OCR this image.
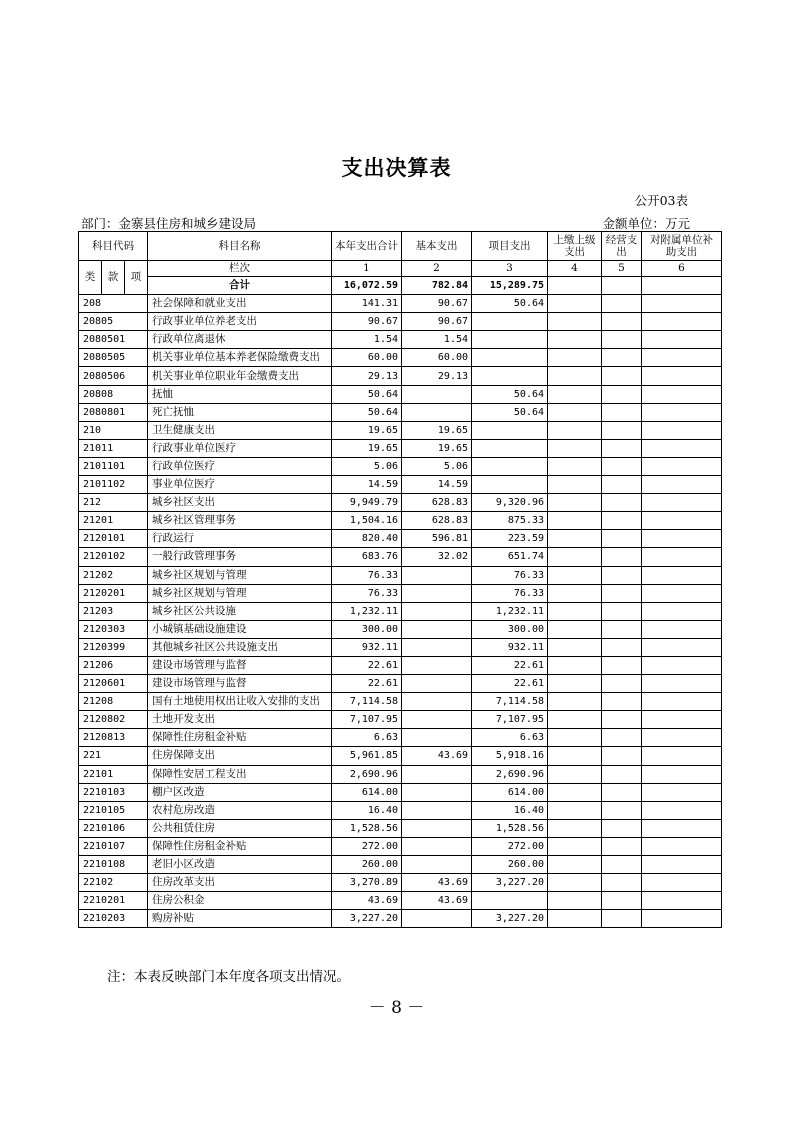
支出决算表
公开03表
部门：金寨县住房和城乡建设局	金额单位：万元
科目代码			科目名称	本年支出合计	基本支出	项目支出	上缴上级支出	经营支出	对附属单位补助支出
类	款	项	栏次	1	2	3	4	5	6
			合计	16,072.59	782.84	15,289.75			
208			社会保障和就业支出	141.31	90.67	50.64			
20805			行政事业单位养老支出	90.67	90.67				
2080501			行政单位离退休	1.54	1.54				
2080505			机关事业单位基本养老保险缴费支出	60.00	60.00				
2080506			机关事业单位职业年金缴费支出	29.13	29.13				
20808			抚恤	50.64		50.64			
2080801			死亡抚恤	50.64		50.64			
210			卫生健康支出	19.65	19.65				
21011			行政事业单位医疗	19.65	19.65				
2101101			行政单位医疗	5.06	5.06				
2101102			事业单位医疗	14.59	14.59				
212			城乡社区支出	9,949.79	628.83	9,320.96			
21201			城乡社区管理事务	1,504.16	628.83	875.33			
2120101			行政运行	820.40	596.81	223.59			
2120102			一般行政管理事务	683.76	32.02	651.74			
21202			城乡社区规划与管理	76.33		76.33			
2120201			城乡社区规划与管理	76.33		76.33			
21203			城乡社区公共设施	1,232.11		1,232.11			
2120303			小城镇基础设施建设	300.00		300.00			
2120399			其他城乡社区公共设施支出	932.11		932.11			
21206			建设市场管理与监督	22.61		22.61			
2120601			建设市场管理与监督	22.61		22.61			
21208			国有土地使用权出让收入安排的支出	7,114.58		7,114.58			
2120802			土地开发支出	7,107.95		7,107.95			
2120813			保障性住房租金补贴	6.63		6.63			
221			住房保障支出	5,961.85	43.69	5,918.16			
22101			保障性安居工程支出	2,690.96		2,690.96			
2210103			棚户区改造	614.00		614.00			
2210105			农村危房改造	16.40		16.40			
2210106			公共租赁住房	1,528.56		1,528.56			
2210107			保障性住房租金补贴	272.00		272.00			
2210108			老旧小区改造	260.00		260.00			
22102			住房改革支出	3,270.89	43.69	3,227.20			
2210201			住房公积金	43.69	43.69				
2210203			购房补贴	3,227.20		3,227.20			
注：本表反映部门本年度各项支出情况。
－ 8 －
